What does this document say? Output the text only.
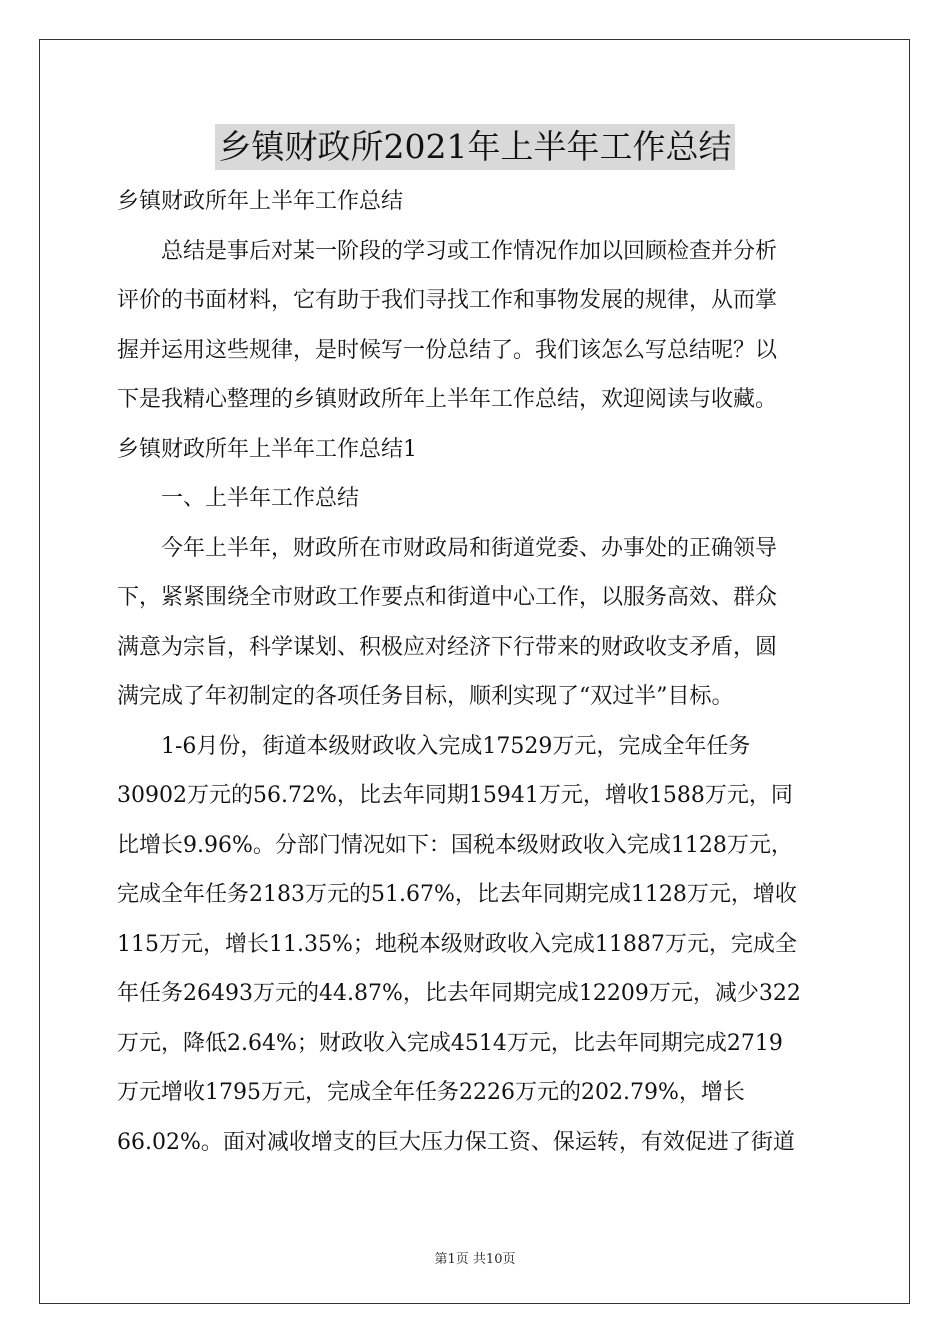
乡镇财政所2021年上半年工作总结
乡镇财政所年上半年工作总结
总结是事后对某一阶段的学习或工作情况作加以回顾检查并分析
评价的书面材料，它有助于我们寻找工作和事物发展的规律，从而掌
握并运用这些规律，是时候写一份总结了。我们该怎么写总结呢？以
下是我精心整理的乡镇财政所年上半年工作总结，欢迎阅读与收藏。
乡镇财政所年上半年工作总结1
一、上半年工作总结
今年上半年，财政所在市财政局和街道党委、办事处的正确领导
下，紧紧围绕全市财政工作要点和街道中心工作，以服务高效、群众
满意为宗旨，科学谋划、积极应对经济下行带来的财政收支矛盾，圆
满完成了年初制定的各项任务目标，顺利实现了“双过半”目标。
1-6月份，街道本级财政收入完成17529万元，完成全年任务
30902万元的56.72%，比去年同期15941万元，增收1588万元，同
比增长9.96%。分部门情况如下：国税本级财政收入完成1128万元，
完成全年任务2183万元的51.67%，比去年同期完成1128万元，增收
115万元，增长11.35%；地税本级财政收入完成11887万元，完成全
年任务26493万元的44.87%，比去年同期完成12209万元，减少322
万元，降低2.64%；财政收入完成4514万元，比去年同期完成2719
万元增收1795万元，完成全年任务2226万元的202.79%，增长
66.02%。面对减收增支的巨大压力保工资、保运转，有效促进了街道
第1页 共10页
